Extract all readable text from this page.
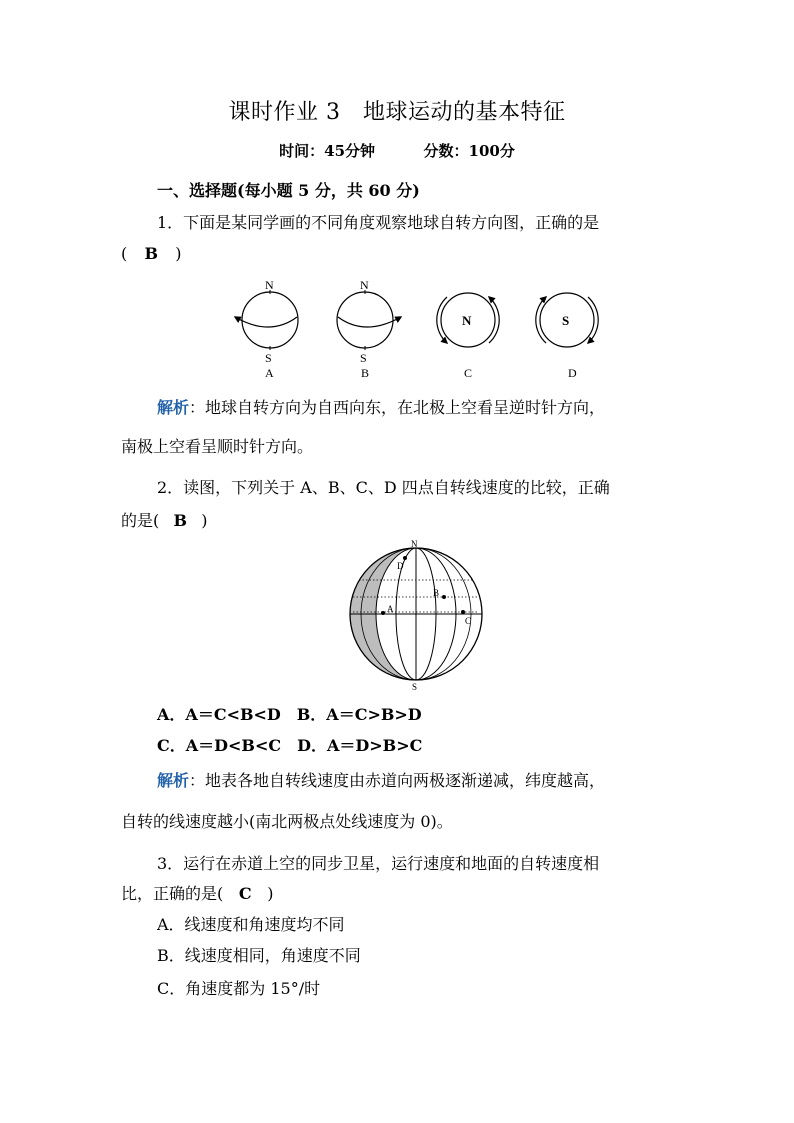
课时作业 3　地球运动的基本特征
时间：45分钟	分数：100分
一、选择题(每小题 5 分，共 60 分)
1．下面是某同学画的不同角度观察地球自转方向图，正确的是
( B )
N
S
A
N
S
B
N
C
S
D
解析：地球自转方向为自西向东，在北极上空看呈逆时针方向，
南极上空看呈顺时针方向。
2．读图，下列关于 A、B、C、D 四点自转线速度的比较，正确
的是( B )
N
S
A
B
C
D
A．A＝C<B<D　B．A＝C>B>D
C．A＝D<B<C　D．A＝D>B>C
解析：地表各地自转线速度由赤道向两极逐渐递减，纬度越高，
自转的线速度越小(南北两极点处线速度为 0)。
3．运行在赤道上空的同步卫星，运行速度和地面的自转速度相
比，正确的是( C )
A．线速度和角速度均不同
B．线速度相同，角速度不同
C．角速度都为 15°/时
